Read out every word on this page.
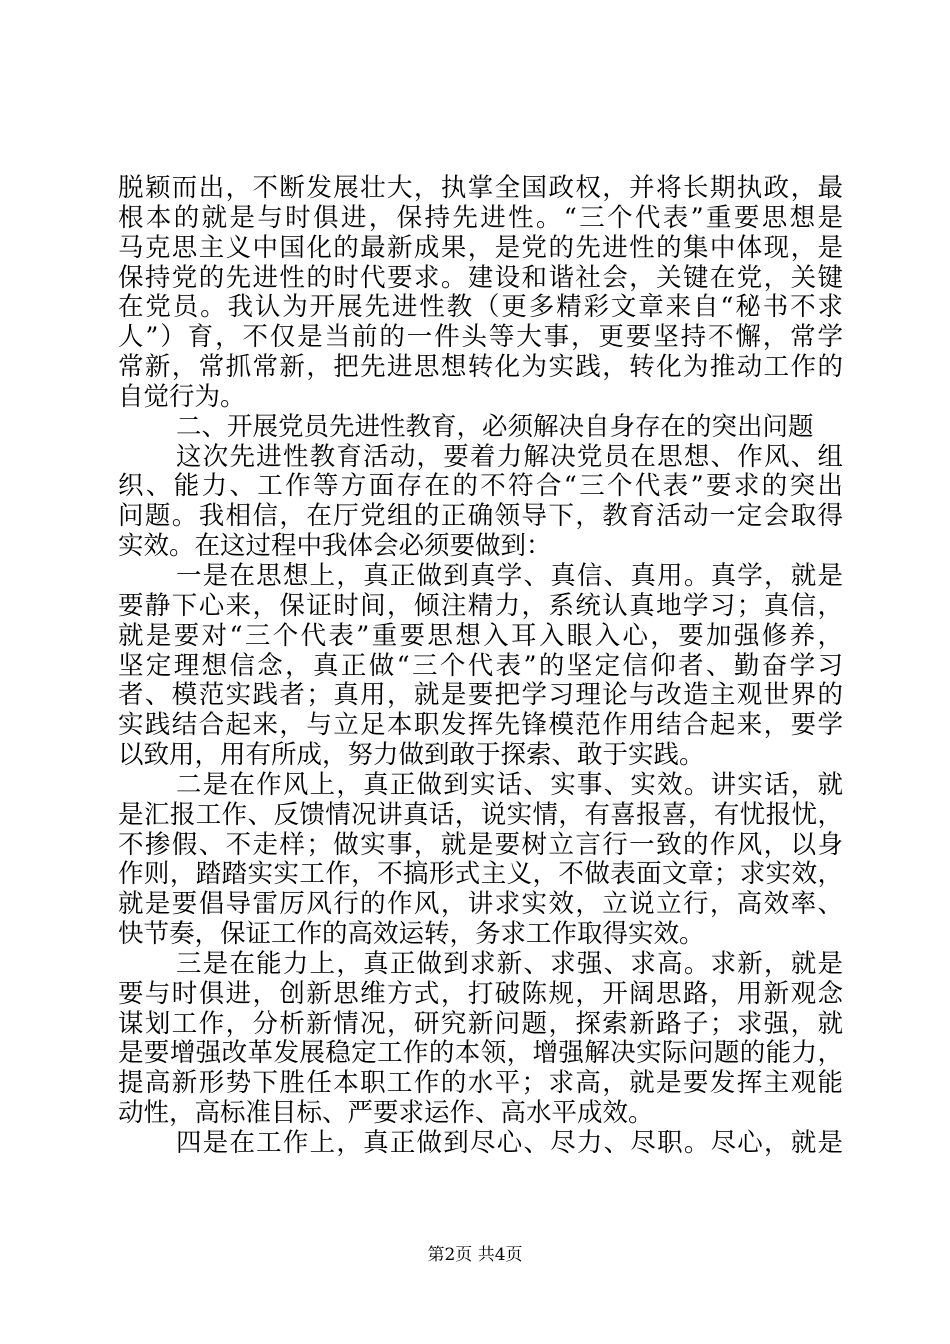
脱颖而出，不断发展壮大，执掌全国政权，并将长期执政，最
根本的就是与时俱进，保持先进性。“三个代表”重要思想是
马克思主义中国化的最新成果，是党的先进性的集中体现，是
保持党的先进性的时代要求。建设和谐社会，关键在党，关键
在党员。我认为开展先进性教（更多精彩文章来自“秘书不求
人”）育，不仅是当前的一件头等大事，更要坚持不懈，常学
常新，常抓常新，把先进思想转化为实践，转化为推动工作的
自觉行为。
二、开展党员先进性教育，必须解决自身存在的突出问题
这次先进性教育活动，要着力解决党员在思想、作风、组
织、能力、工作等方面存在的不符合“三个代表”要求的突出
问题。我相信，在厅党组的正确领导下，教育活动一定会取得
实效。在这过程中我体会必须要做到：
一是在思想上，真正做到真学、真信、真用。真学，就是
要静下心来，保证时间，倾注精力，系统认真地学习；真信，
就是要对“三个代表”重要思想入耳入眼入心，要加强修养，
坚定理想信念，真正做“三个代表”的坚定信仰者、勤奋学习
者、模范实践者；真用，就是要把学习理论与改造主观世界的
实践结合起来，与立足本职发挥先锋模范作用结合起来，要学
以致用，用有所成，努力做到敢于探索、敢于实践。
二是在作风上，真正做到实话、实事、实效。讲实话，就
是汇报工作、反馈情况讲真话，说实情，有喜报喜，有忧报忧，
不掺假、不走样；做实事，就是要树立言行一致的作风，以身
作则，踏踏实实工作，不搞形式主义，不做表面文章；求实效，
就是要倡导雷厉风行的作风，讲求实效，立说立行，高效率、
快节奏，保证工作的高效运转，务求工作取得实效。
三是在能力上，真正做到求新、求强、求高。求新，就是
要与时俱进，创新思维方式，打破陈规，开阔思路，用新观念
谋划工作，分析新情况，研究新问题，探索新路子；求强，就
是要增强改革发展稳定工作的本领，增强解决实际问题的能力，
提高新形势下胜任本职工作的水平；求高，就是要发挥主观能
动性，高标准目标、严要求运作、高水平成效。
四是在工作上，真正做到尽心、尽力、尽职。尽心，就是
第2页 共4页
